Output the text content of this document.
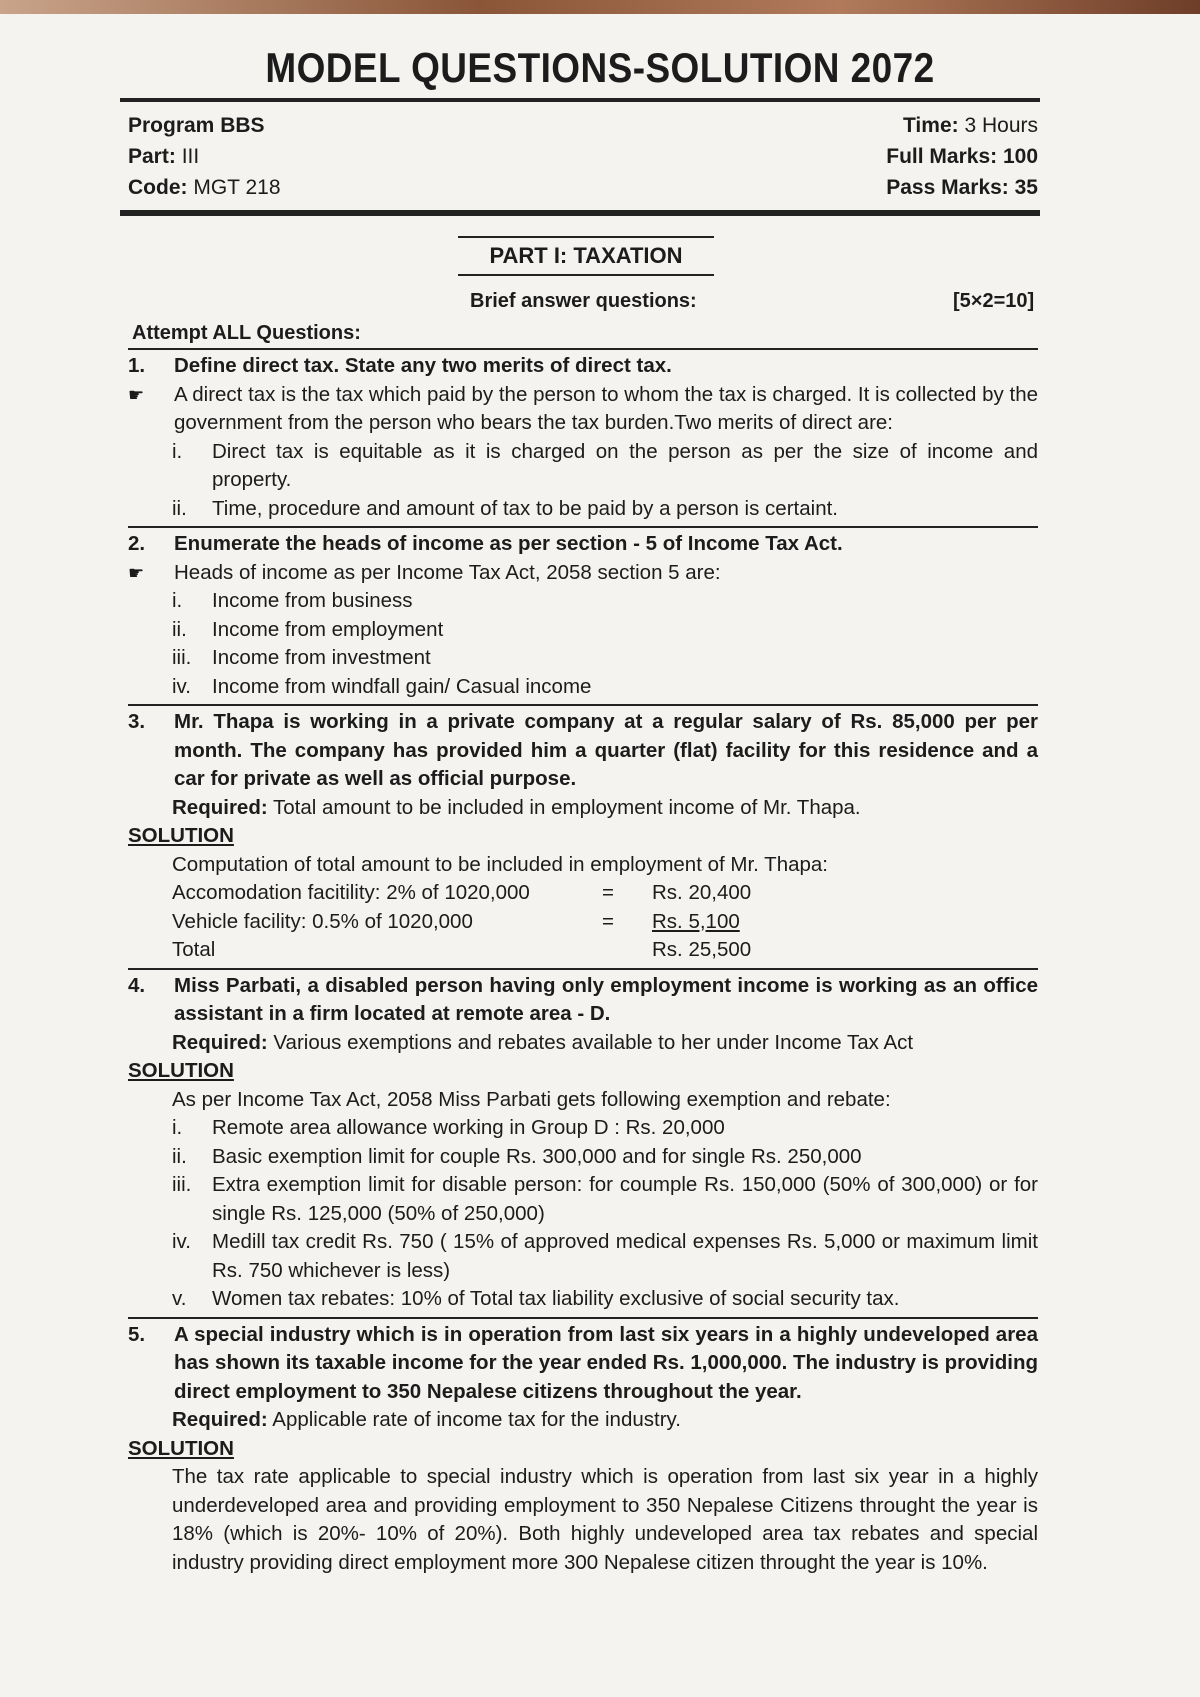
MODEL QUESTIONS-SOLUTION 2072
Program BBS
Part: III
Code: MGT 218
Time: 3 Hours
Full Marks: 100
Pass Marks: 35
PART I: TAXATION
Brief answer questions:	[5×2=10]
Attempt ALL Questions:
1.	Define direct tax. State any two merits of direct tax.
☛	A direct tax is the tax which paid by the person to whom the tax is charged. It is collected by the government from the person who bears the tax burden.Two merits of direct are:
i.	Direct tax is equitable as it is charged on the person as per the size of income and property.
ii.	Time, procedure and amount of tax to be paid by a person is certaint.
2.	Enumerate the heads of income as per section - 5 of Income Tax Act.
☛	Heads of income as per Income Tax Act, 2058 section 5 are:
i.	Income from business
ii.	Income from employment
iii.	Income from investment
iv.	Income from windfall gain/ Casual income
3.	Mr. Thapa is working in a private company at a regular salary of Rs. 85,000 per per month. The company has provided him a quarter (flat) facility for this residence and a car for private as well as official purpose.
Required: Total amount to be included in employment income of Mr. Thapa.
SOLUTION
Computation of total amount to be included in employment of Mr. Thapa:
Accomodation facitility: 2% of 1020,000	=	Rs. 20,400
Vehicle facility: 0.5% of 1020,000	=	Rs. 5,100
Total	Rs. 25,500
4.	Miss Parbati, a disabled person having only employment income is working as an office assistant in a firm located at remote area - D.
Required: Various exemptions and rebates available to her under Income Tax Act
SOLUTION
As per Income Tax Act, 2058 Miss Parbati gets following exemption and rebate:
i.	Remote area allowance working in Group D : Rs. 20,000
ii.	Basic exemption limit for couple Rs. 300,000 and for single Rs. 250,000
iii.	Extra exemption limit for disable person: for coumple Rs. 150,000 (50% of 300,000) or for single Rs. 125,000 (50% of 250,000)
iv.	Medill tax credit Rs. 750 ( 15% of approved medical expenses Rs. 5,000 or maximum limit Rs. 750 whichever is less)
v.	Women tax rebates: 10% of Total tax liability exclusive of social security tax.
5.	A special industry which is in operation from last six years in a highly undeveloped area has shown its taxable income for the year ended Rs. 1,000,000. The industry is providing direct employment to 350 Nepalese citizens throughout the year.
Required: Applicable rate of income tax for the industry.
SOLUTION
The tax rate applicable to special industry which is operation from last six year in a highly underdeveloped area and providing employment to 350 Nepalese Citizens throught the year is 18% (which is 20%- 10% of 20%). Both highly undeveloped area tax rebates and special industry providing direct employment more 300 Nepalese citizen throught the year is 10%.
